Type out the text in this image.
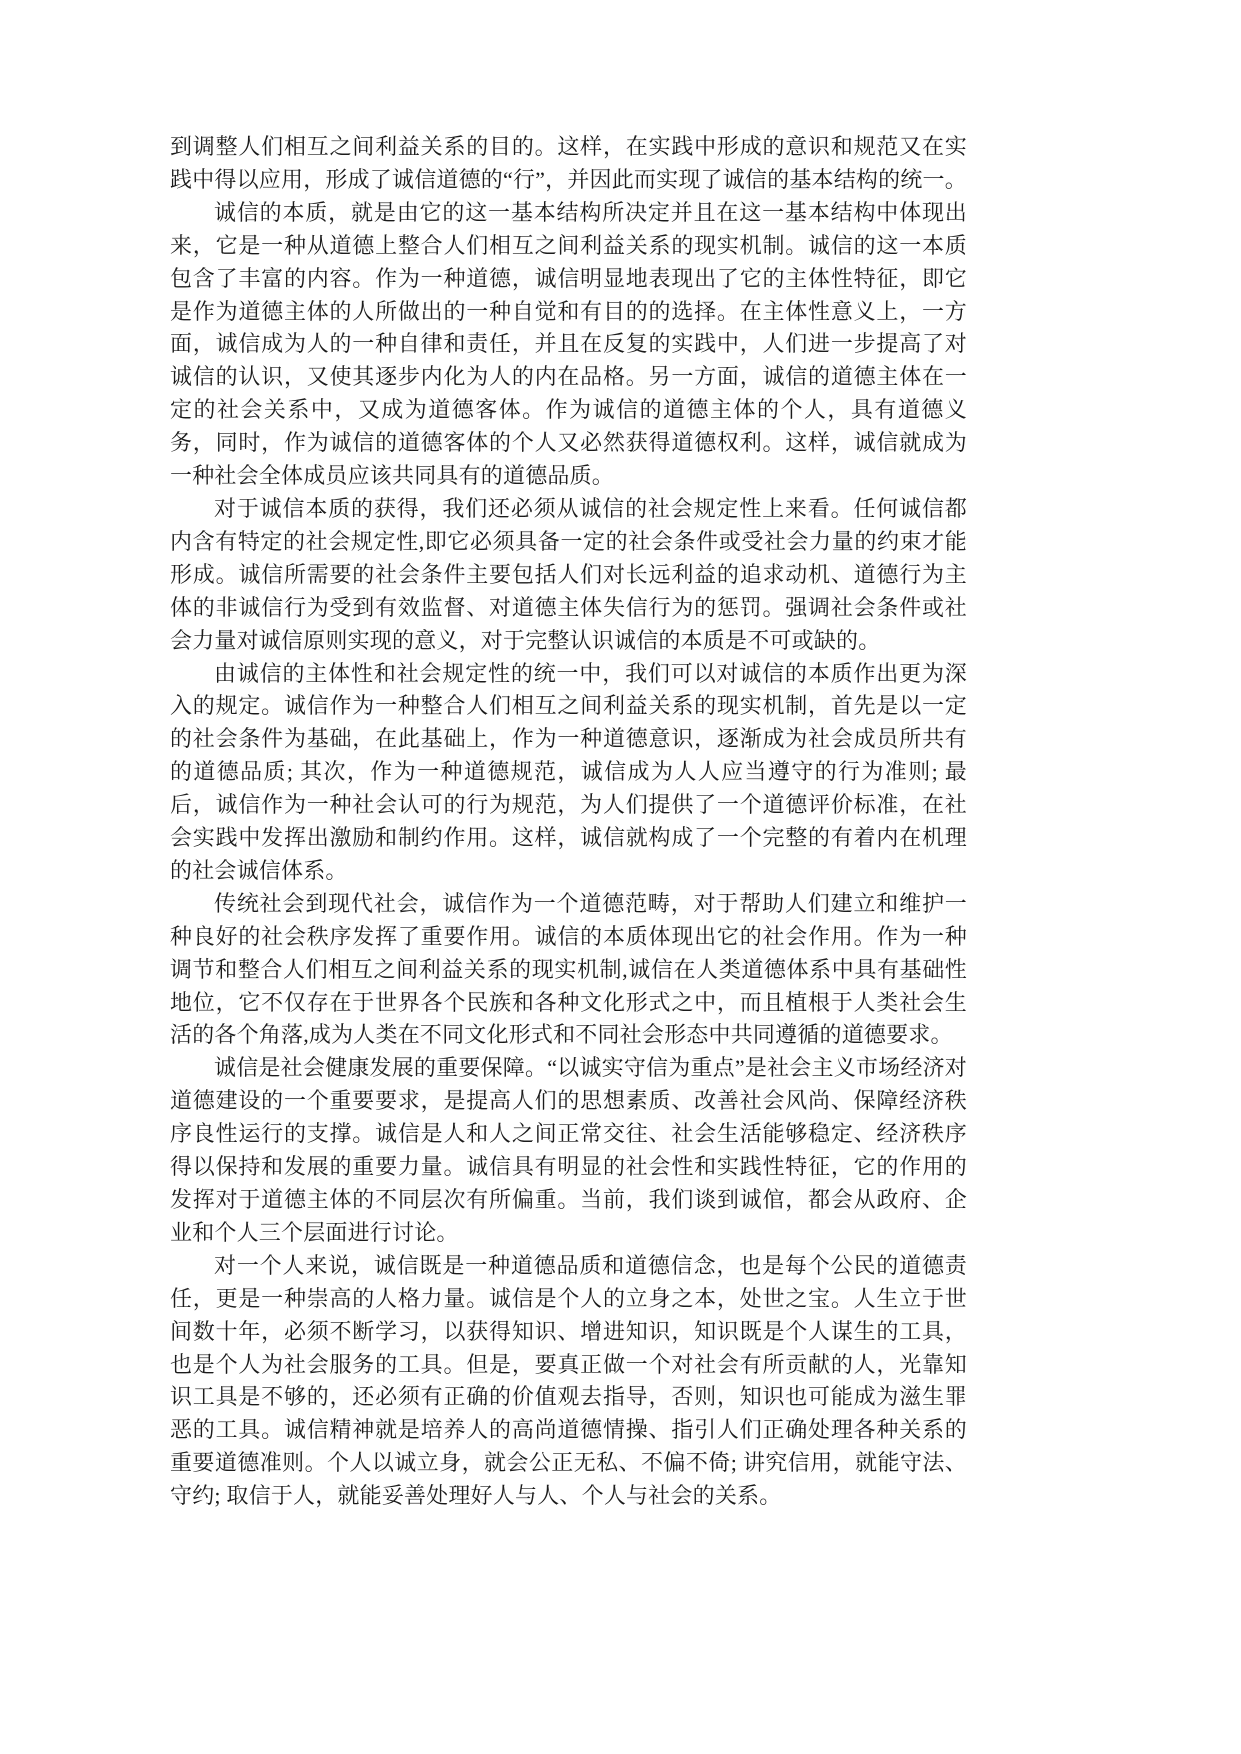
到调整人们相互之间利益关系的目的。这样，在实践中形成的意识和规范又在实践中得以应用，形成了诚信道德的“行”，并因此而实现了诚信的基本结构的统一。

诚信的本质，就是由它的这一基本结构所决定并且在这一基本结构中体现出来，它是一种从道德上整合人们相互之间利益关系的现实机制。诚信的这一本质包含了丰富的内容。作为一种道德，诚信明显地表现出了它的主体性特征，即它是作为道德主体的人所做出的一种自觉和有目的的选择。在主体性意义上，一方面，诚信成为人的一种自律和责任，并且在反复的实践中，人们进一步提高了对诚信的认识，又使其逐步内化为人的内在品格。另一方面，诚信的道德主体在一定的社会关系中，又成为道德客体。作为诚信的道德主体的个人，具有道德义务，同时，作为诚信的道德客体的个人又必然获得道德权利。这样，诚信就成为一种社会全体成员应该共同具有的道德品质。

对于诚信本质的获得，我们还必须从诚信的社会规定性上来看。任何诚信都内含有特定的社会规定性,即它必须具备一定的社会条件或受社会力量的约束才能形成。诚信所需要的社会条件主要包括人们对长远利益的追求动机、道德行为主体的非诚信行为受到有效监督、对道德主体失信行为的惩罚。强调社会条件或社会力量对诚信原则实现的意义，对于完整认识诚信的本质是不可或缺的。

由诚信的主体性和社会规定性的统一中，我们可以对诚信的本质作出更为深入的规定。诚信作为一种整合人们相互之间利益关系的现实机制，首先是以一定的社会条件为基础，在此基础上，作为一种道德意识，逐渐成为社会成员所共有的道德品质; 其次，作为一种道德规范，诚信成为人人应当遵守的行为准则; 最后，诚信作为一种社会认可的行为规范，为人们提供了一个道德评价标准，在社会实践中发挥出激励和制约作用。这样，诚信就构成了一个完整的有着内在机理的社会诚信体系。

传统社会到现代社会，诚信作为一个道德范畴，对于帮助人们建立和维护一种良好的社会秩序发挥了重要作用。诚信的本质体现出它的社会作用。作为一种调节和整合人们相互之间利益关系的现实机制,诚信在人类道德体系中具有基础性地位，它不仅存在于世界各个民族和各种文化形式之中，而且植根于人类社会生活的各个角落,成为人类在不同文化形式和不同社会形态中共同遵循的道德要求。

诚信是社会健康发展的重要保障。“以诚实守信为重点”是社会主义市场经济对道德建设的一个重要要求，是提高人们的思想素质、改善社会风尚、保障经济秩序良性运行的支撑。诚信是人和人之间正常交往、社会生活能够稳定、经济秩序得以保持和发展的重要力量。诚信具有明显的社会性和实践性特征，它的作用的发挥对于道德主体的不同层次有所偏重。当前，我们谈到诚倌，都会从政府、企业和个人三个层面进行讨论。

对一个人来说，诚信既是一种道德品质和道德信念，也是每个公民的道德责任，更是一种崇高的人格力量。诚信是个人的立身之本，处世之宝。人生立于世间数十年，必须不断学习，以获得知识、增进知识，知识既是个人谋生的工具，也是个人为社会服务的工具。但是，要真正做一个对社会有所贡献的人，光靠知识工具是不够的，还必须有正确的价值观去指导，否则，知识也可能成为滋生罪恶的工具。诚信精神就是培养人的高尚道德情操、指引人们正确处理各种关系的重要道德准则。个人以诚立身，就会公正无私、不偏不倚; 讲究信用，就能守法、守约; 取信于人，就能妥善处理好人与人、个人与社会的关系。
